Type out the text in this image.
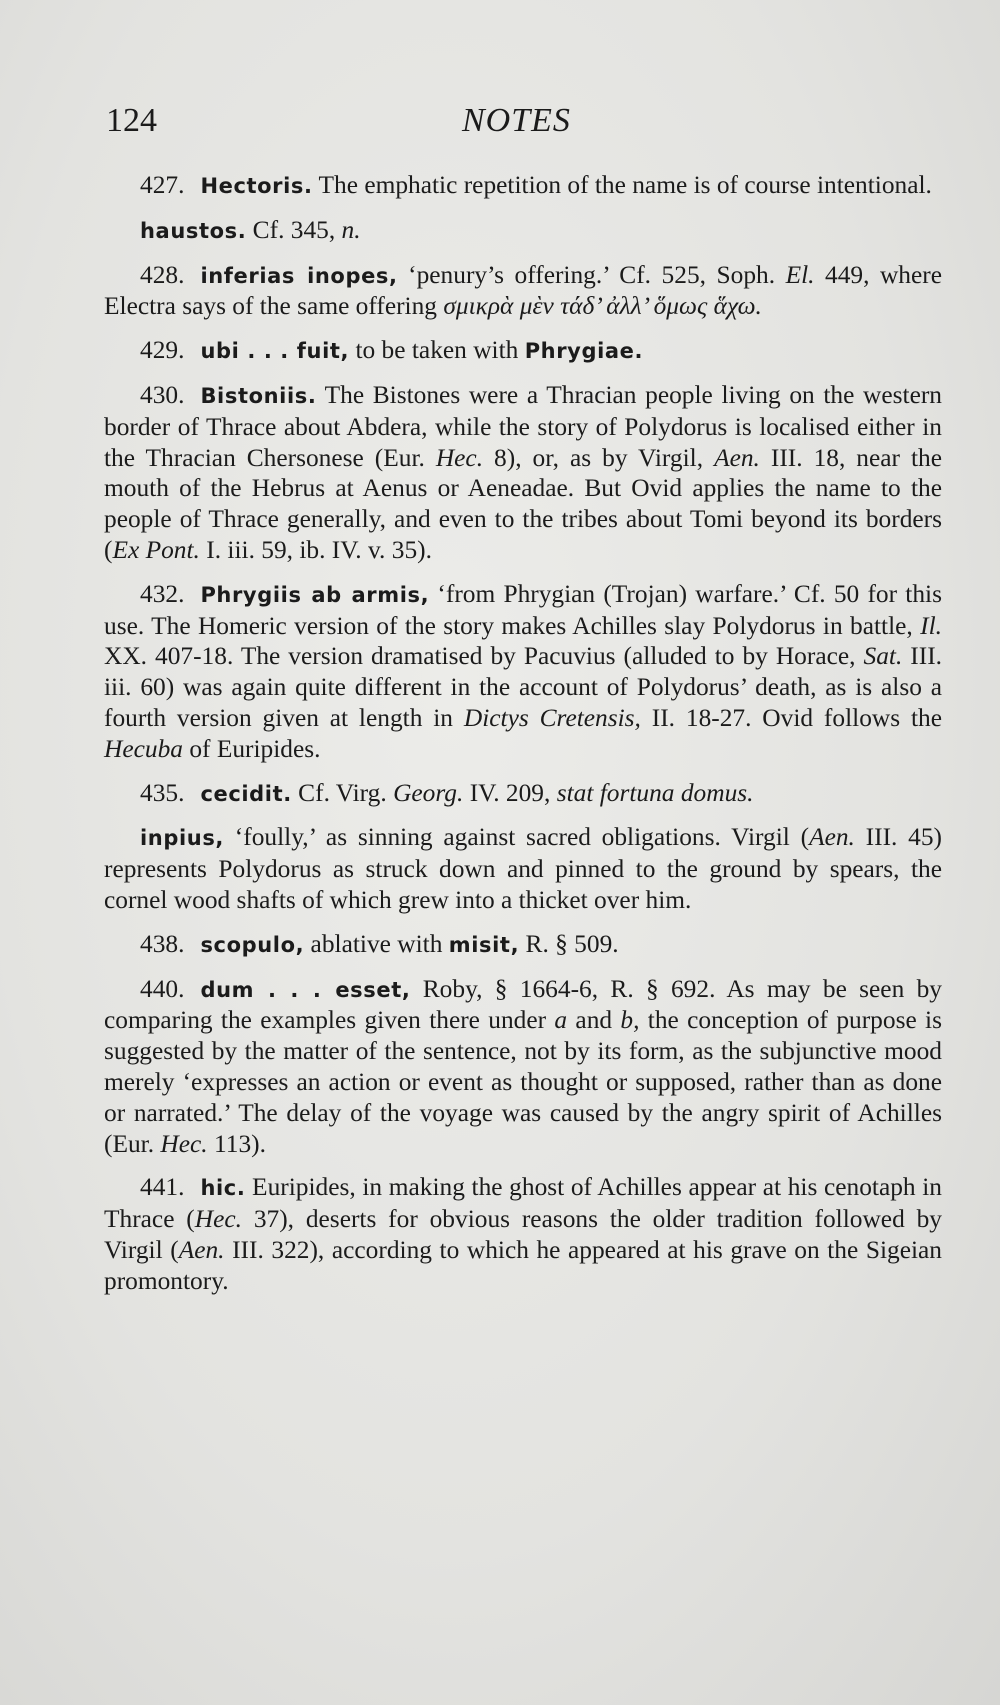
124	NOTES

427. Hectoris. The emphatic repetition of the name is of course intentional.

haustos. Cf. 345, n.

428. inferias inopes, ‘penury’s offering.’ Cf. 525, Soph. El. 449, where Electra says of the same offering σμικρὰ μὲν τάδ’ ἀλλ’ ὅμως ἅχω.

429. ubi . . . fuit, to be taken with Phrygiae.

430. Bistoniis. The Bistones were a Thracian people living on the western border of Thrace about Abdera, while the story of Polydorus is localised either in the Thracian Chersonese (Eur. Hec. 8), or, as by Virgil, Aen. III. 18, near the mouth of the Hebrus at Aenus or Aeneadae. But Ovid applies the name to the people of Thrace generally, and even to the tribes about Tomi beyond its borders (Ex Pont. I. iii. 59, ib. IV. v. 35).

432. Phrygiis ab armis, ‘from Phrygian (Trojan) warfare.’ Cf. 50 for this use. The Homeric version of the story makes Achilles slay Polydorus in battle, Il. XX. 407-18. The version dramatised by Pacuvius (alluded to by Horace, Sat. III. iii. 60) was again quite different in the account of Polydorus’ death, as is also a fourth version given at length in Dictys Cretensis, II. 18-27. Ovid follows the Hecuba of Euripides.

435. cecidit. Cf. Virg. Georg. IV. 209, stat fortuna domus.

inpius, ‘foully,’ as sinning against sacred obligations. Virgil (Aen. III. 45) represents Polydorus as struck down and pinned to the ground by spears, the cornel wood shafts of which grew into a thicket over him.

438. scopulo, ablative with misit, R. § 509.

440. dum . . . esset, Roby, § 1664-6, R. § 692. As may be seen by comparing the examples given there under a and b, the conception of purpose is suggested by the matter of the sentence, not by its form, as the subjunctive mood merely ‘expresses an action or event as thought or supposed, rather than as done or narrated.’ The delay of the voyage was caused by the angry spirit of Achilles (Eur. Hec. 113).

441. hic. Euripides, in making the ghost of Achilles appear at his cenotaph in Thrace (Hec. 37), deserts for obvious reasons the older tradition followed by Virgil (Aen. III. 322), according to which he appeared at his grave on the Sigeian promontory.
